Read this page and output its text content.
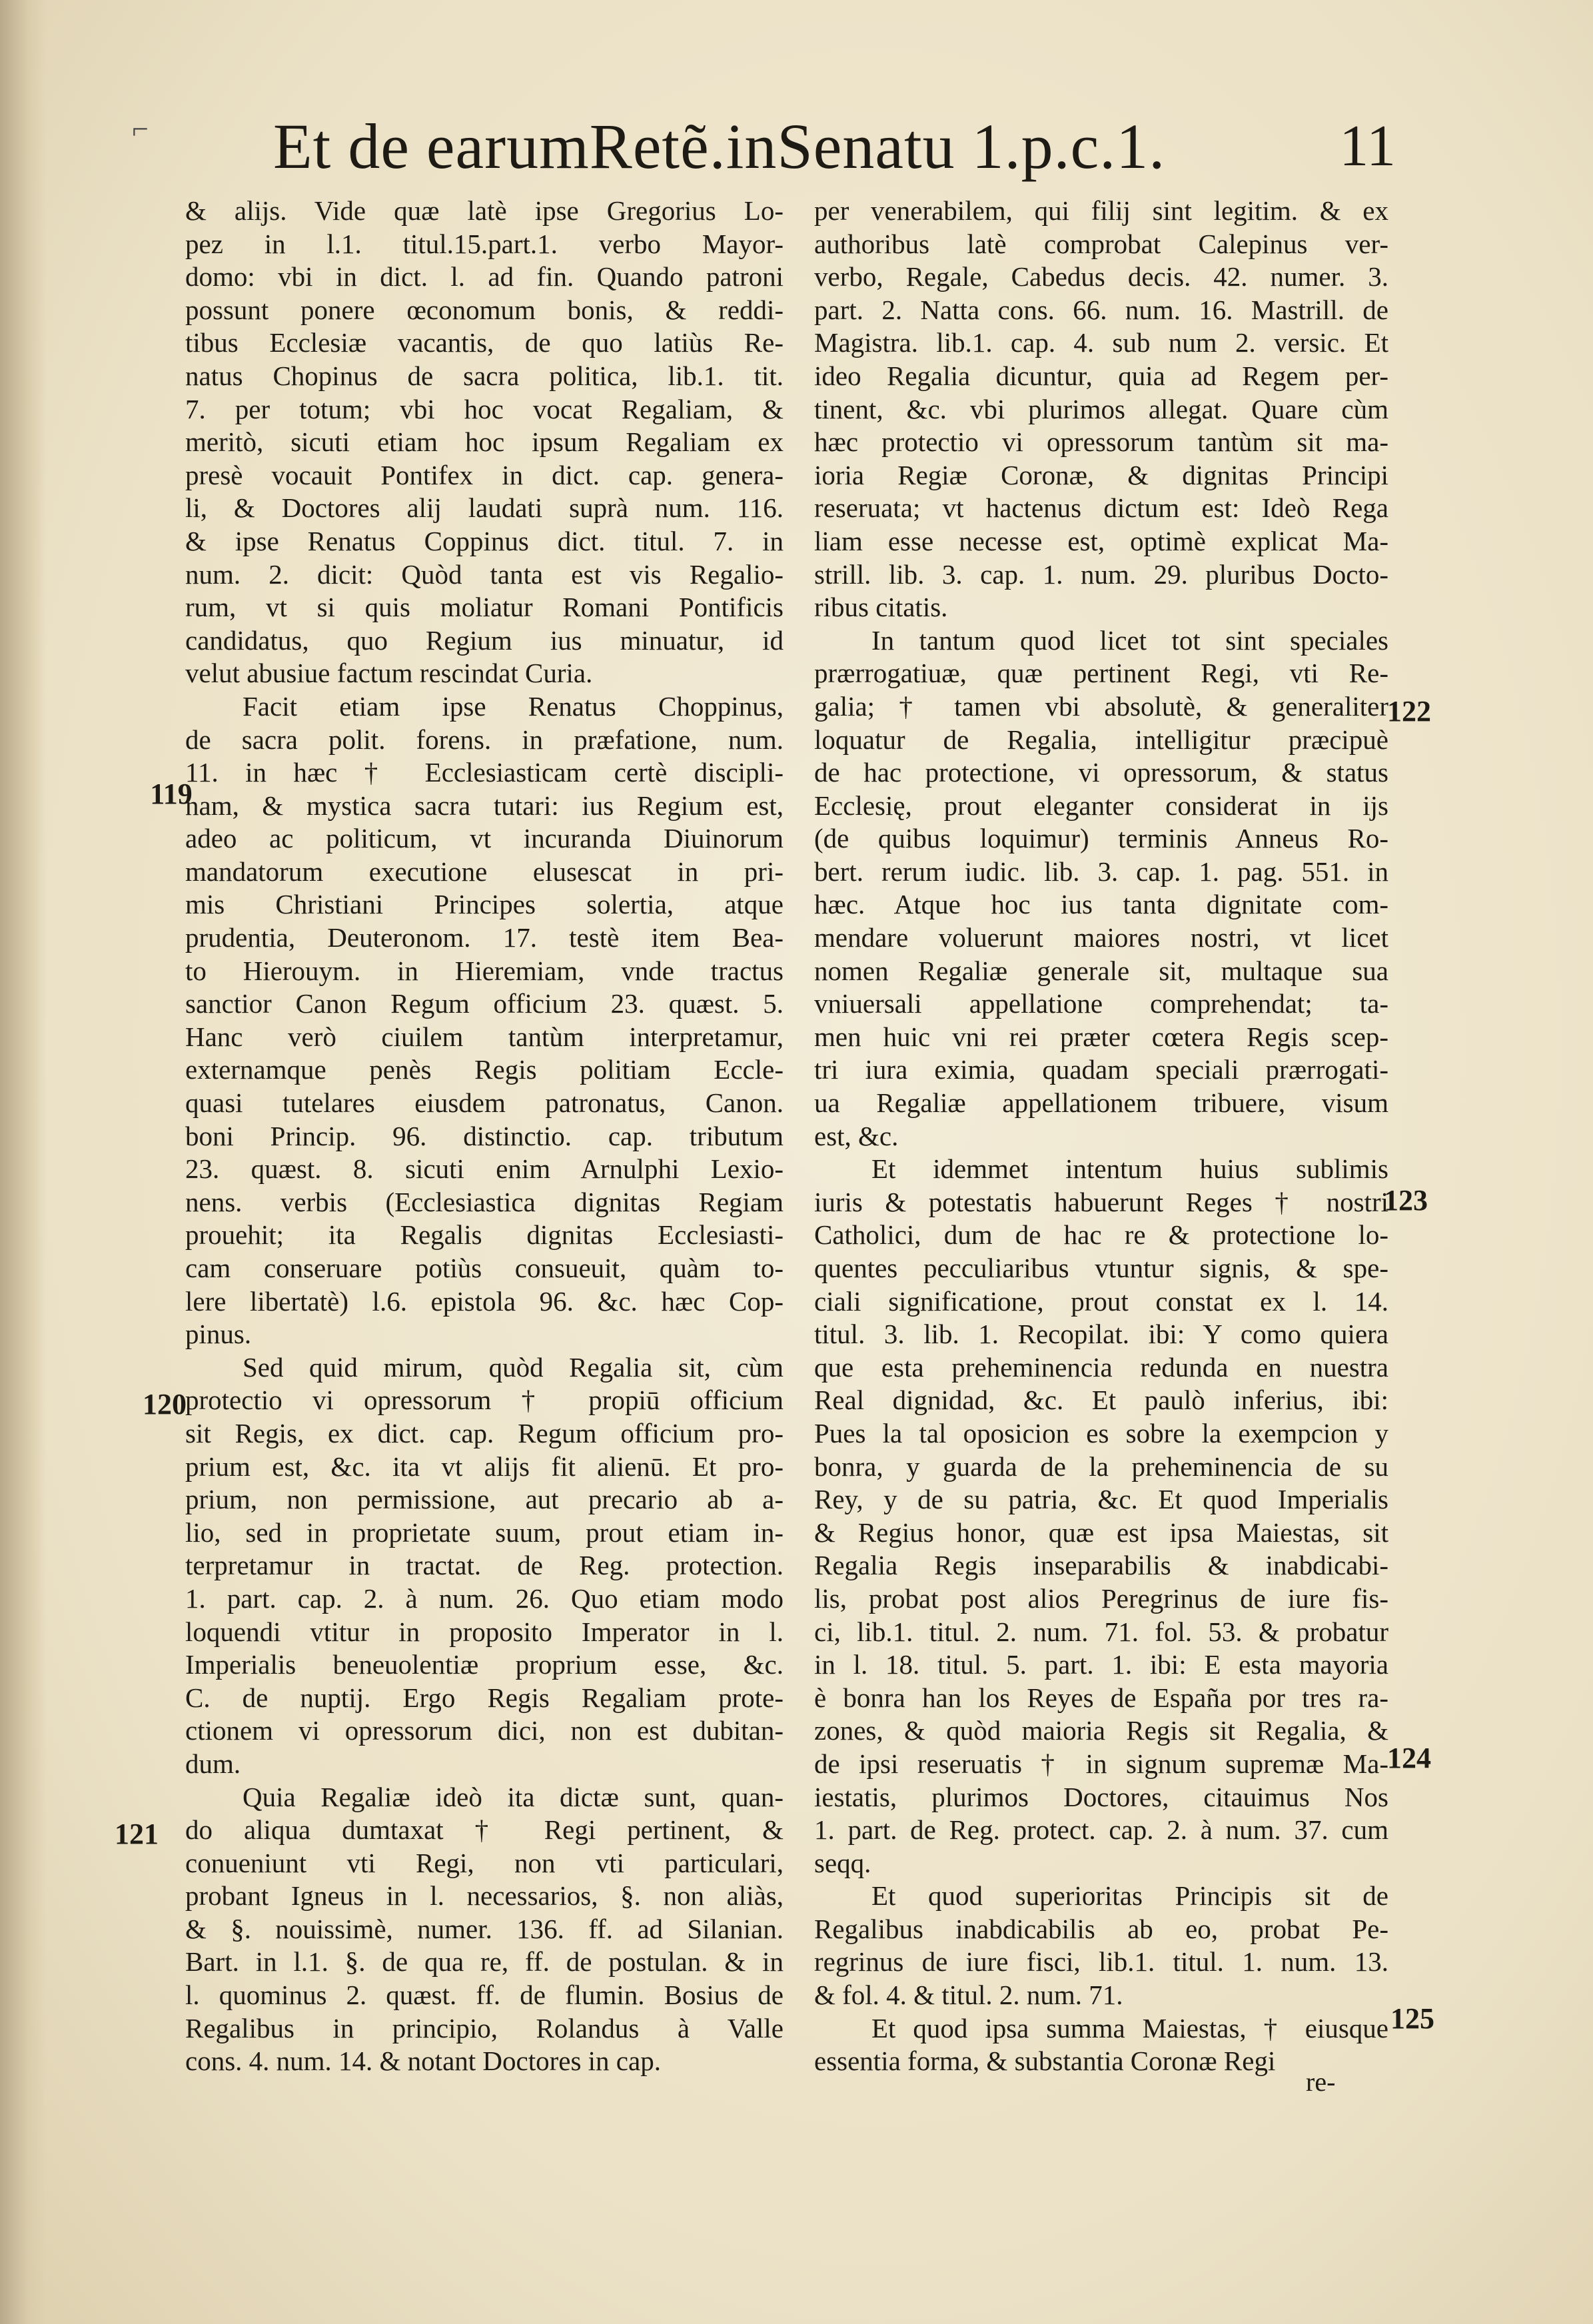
⌐ Et de earumRetẽ.inSenatu 1.p.c.1.	11
& alijs. Vide quæ latè ipse Gregorius Lo-
pez in l.1. titul.15.part.1. verbo Mayor-
domo: vbi in dict. l. ad fin. Quando patroni
possunt ponere œconomum bonis, & reddi-
tibus Ecclesiæ vacantis, de quo latiùs Re-
natus Chopinus de sacra politica, lib.1. tit.
7. per totum; vbi hoc vocat Regaliam, &
meritò, sicuti etiam hoc ipsum Regaliam ex
presè vocauit Pontifex in dict. cap. genera-
li, & Doctores alij laudati suprà num. 116.
& ipse Renatus Coppinus dict. titul. 7. in
num. 2. dicit: Quòd tanta est vis Regalio-
rum, vt si quis moliatur Romani Pontificis
candidatus, quo Regium ius minuatur, id
velut abusiue factum rescindat Curia.
Facit etiam ipse Renatus Choppinus,
de sacra polit. forens. in præfatione, num.
11. in hæc † Ecclesiasticam certè discipli-
nam, & mystica sacra tutari: ius Regium est,
adeo ac politicum, vt incuranda Diuinorum
mandatorum executione elusescat in pri-
mis Christiani Principes solertia, atque
prudentia, Deuteronom. 17. testè item Bea-
to Hierouym. in Hieremiam, vnde tractus
sanctior Canon Regum officium 23. quæst. 5.
Hanc verò ciuilem tantùm interpretamur,
externamque penès Regis politiam Eccle-
quasi tutelares eiusdem patronatus, Canon.
boni Princip. 96. distinctio. cap. tributum
23. quæst. 8. sicuti enim Arnulphi Lexio-
nens. verbis (Ecclesiastica dignitas Regiam
prouehit; ita Regalis dignitas Ecclesiasti-
cam conseruare potiùs consueuit, quàm to-
lere libertatè) l.6. epistola 96. &c. hæc Cop-
pinus.
Sed quid mirum, quòd Regalia sit, cùm
protectio vi opressorum † propiū officium
sit Regis, ex dict. cap. Regum officium pro-
prium est, &c. ita vt alijs fit alienū. Et pro-
prium, non permissione, aut precario ab a-
lio, sed in proprietate suum, prout etiam in-
terpretamur in tractat. de Reg. protection.
1. part. cap. 2. à num. 26. Quo etiam modo
loquendi vtitur in proposito Imperator in l.
Imperialis beneuolentiæ proprium esse, &c.
C. de nuptij. Ergo Regis Regaliam prote-
ctionem vi opressorum dici, non est dubitan-
dum.
Quia Regaliæ ideò ita dictæ sunt, quan-
do aliqua dumtaxat † Regi pertinent, &
conueniunt vti Regi, non vti particulari,
probant Igneus in l. necessarios, §. non aliàs,
& §. nouissimè, numer. 136. ff. ad Silanian.
Bart. in l.1. §. de qua re, ff. de postulan. & in
l. quominus 2. quæst. ff. de flumin. Bosius de
Regalibus in principio, Rolandus à Valle
cons. 4. num. 14. & notant Doctores in cap.
per venerabilem, qui filij sint legitim. & ex
authoribus latè comprobat Calepinus ver-
verbo, Regale, Cabedus decis. 42. numer. 3.
part. 2. Natta cons. 66. num. 16. Mastrill. de
Magistra. lib.1. cap. 4. sub num 2. versic. Et
ideo Regalia dicuntur, quia ad Regem per-
tinent, &c. vbi plurimos allegat. Quare cùm
hæc protectio vi opressorum tantùm sit ma-
ioria Regiæ Coronæ, & dignitas Principi
reseruata; vt hactenus dictum est: Ideò Rega
liam esse necesse est, optimè explicat Ma-
strill. lib. 3. cap. 1. num. 29. pluribus Docto-
ribus citatis.
In tantum quod licet tot sint speciales
prærrogatiuæ, quæ pertinent Regi, vti Re-
galia; † tamen vbi absolutè, & generaliter
loquatur de Regalia, intelligitur præcipuè
de hac protectione, vi opressorum, & status
Ecclesię, prout eleganter considerat in ijs
(de quibus loquimur) terminis Anneus Ro-
bert. rerum iudic. lib. 3. cap. 1. pag. 551. in
hæc. Atque hoc ius tanta dignitate com-
mendare voluerunt maiores nostri, vt licet
nomen Regaliæ generale sit, multaque sua
vniuersali appellatione comprehendat; ta-
men huic vni rei præter cœtera Regis scep-
tri iura eximia, quadam speciali prærrogati-
ua Regaliæ appellationem tribuere, visum
est, &c.
Et idemmet intentum huius sublimis
iuris & potestatis habuerunt Reges † nostri
Catholici, dum de hac re & protectione lo-
quentes pecculiaribus vtuntur signis, & spe-
ciali significatione, prout constat ex l. 14.
titul. 3. lib. 1. Recopilat. ibi: Y como quiera
que esta preheminencia redunda en nuestra
Real dignidad, &c. Et paulò inferius, ibi:
Pues la tal oposicion es sobre la exempcion y
bonra, y guarda de la preheminencia de su
Rey, y de su patria, &c. Et quod Imperialis
& Regius honor, quæ est ipsa Maiestas, sit
Regalia Regis inseparabilis & inabdicabi-
lis, probat post alios Peregrinus de iure fis-
ci, lib.1. titul. 2. num. 71. fol. 53. & probatur
in l. 18. titul. 5. part. 1. ibi: E esta mayoria
è bonra han los Reyes de España por tres ra-
zones, & quòd maioria Regis sit Regalia, &
de ipsi reseruatis † in signum supremæ Ma-
iestatis, plurimos Doctores, citauimus Nos
1. part. de Reg. protect. cap. 2. à num. 37. cum
seqq.
Et quod superioritas Principis sit de
Regalibus inabdicabilis ab eo, probat Pe-
regrinus de iure fisci, lib.1. titul. 1. num. 13.
& fol. 4. & titul. 2. num. 71.
Et quod ipsa summa Maiestas, † eiusque
essentia forma, & substantia Coronæ Regi
119
120
121
122
123
124
125
re-
